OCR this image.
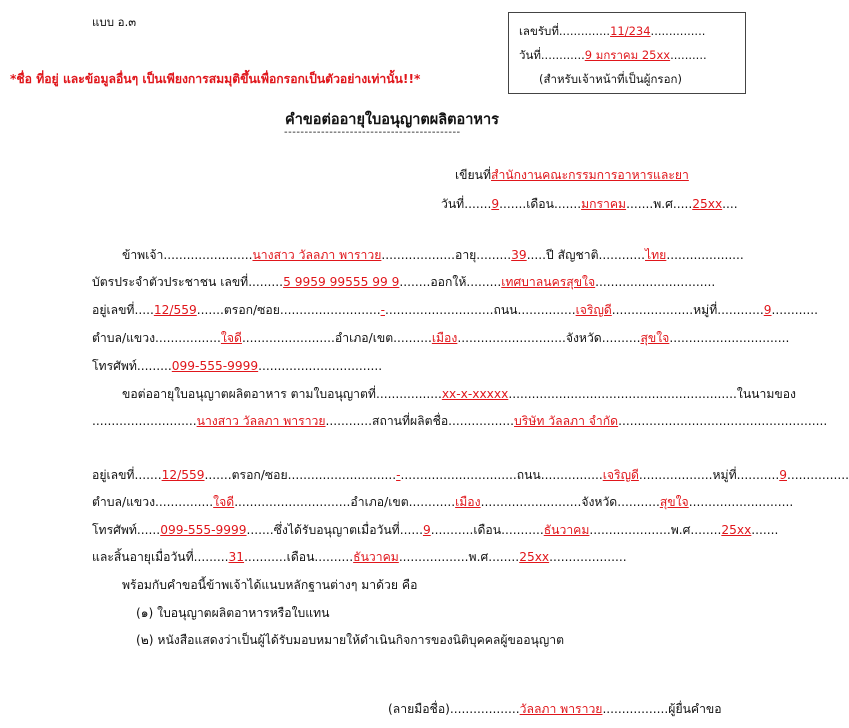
แบบ อ.๓
เลขรับที่..............11/234...............
วันที่............9 มกราคม 25xx..........
(สำหรับเจ้าหน้าที่เป็นผู้กรอก)
*ชื่อ ที่อยู่ และข้อมูลอื่นๆ เป็นเพียงการสมมุติขึ้นเพื่อกรอกเป็นตัวอย่างเท่านั้น!!*
คำขอต่ออายุใบอนุญาตผลิตอาหาร
-------------------------------------------
เขียนที่สำนักงานคณะกรรมการอาหารและยา
วันที่.......9.......เดือน.......มกราคม.......พ.ศ.....25xx....
ข้าพเจ้า.......................นางสาว วัลลภา พาราวย...................อายุ.........39.....ปี สัญชาติ............ไทย....................
บัตรประจำตัวประชาชน เลขที่.........5 9959 99555 99 9........ออกให้.........เทศบาลนครสุขใจ...............................
อยู่เลขที่.....12/559.......ตรอก/ซอย..........................-............................ถนน...............เจริญดี.....................หมู่ที่............9............
ตำบล/แขวง.................ใจดี........................อำเภอ/เขต..........เมือง............................จังหวัด..........สุขใจ...............................
โทรศัพท์.........099-555-9999................................
ขอต่ออายุใบอนุญาตผลิตอาหาร ตามใบอนุญาตที่.................xx-x-xxxxx...........................................................ในนามของ
...........................นางสาว วัลลภา พาราวย............สถานที่ผลิตชื่อ.................บริษัท วัลลภา จำกัด......................................................
อยู่เลขที่.......12/559.......ตรอก/ซอย............................-..............................ถนน................เจริญดี...................หมู่ที่...........9................
ตำบล/แขวง...............ใจดี..............................อำเภอ/เขต............เมือง..........................จังหวัด...........สุขใจ...........................
โทรศัพท์......099-555-9999.......ซึ่งได้รับอนุญาตเมื่อวันที่......9...........เดือน...........ธันวาคม.....................พ.ศ........25xx.......
และสิ้นอายุเมื่อวันที่.........31...........เดือน..........ธันวาคม..................พ.ศ........25xx....................
พร้อมกับคำขอนี้ข้าพเจ้าได้แนบหลักฐานต่างๆ มาด้วย คือ
(๑) ใบอนุญาตผลิตอาหารหรือใบแทน
(๒) หนังสือแสดงว่าเป็นผู้ได้รับมอบหมายให้ดำเนินกิจการของนิติบุคคลผู้ขออนุญาต
(ลายมือชื่อ)..................วัลลภา พาราวย.................ผู้ยื่นคำขอ
